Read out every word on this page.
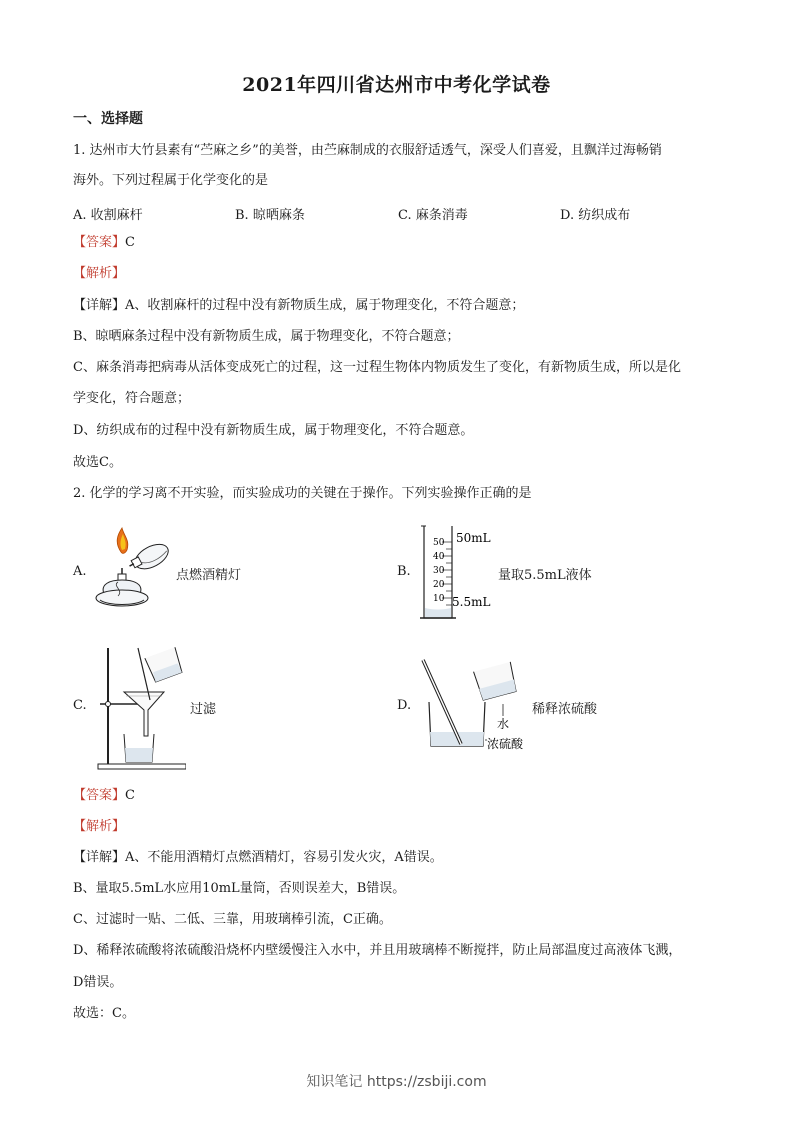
2021年四川省达州市中考化学试卷
一、选择题
1. 达州市大竹县素有“苎麻之乡”的美誉，由苎麻制成的衣服舒适透气，深受人们喜爱，且飘洋过海畅销
海外。下列过程属于化学变化的是
A. 收割麻杆	B. 晾晒麻条	C. 麻条消毒	D. 纺织成布
【答案】C
【解析】
【详解】A、收割麻杆的过程中没有新物质生成，属于物理变化，不符合题意；
B、晾晒麻条过程中没有新物质生成，属于物理变化，不符合题意；
C、麻条消毒把病毒从活体变成死亡的过程，这一过程生物体内物质发生了变化，有新物质生成，所以是化
学变化，符合题意；
D、纺织成布的过程中没有新物质生成，属于物理变化，不符合题意。
故选C。
2. 化学的学习离不开实验，而实验成功的关键在于操作。下列实验操作正确的是
A.	点燃酒精灯	B.
50
40
30
20
10
50mL
5.5mL
量取5.5mL液体
C.	过滤	D.
水
浓硫酸
稀释浓硫酸
【答案】C
【解析】
【详解】A、不能用酒精灯点燃酒精灯，容易引发火灾，A错误。
B、量取5.5mL水应用10mL量筒，否则误差大，B错误。
C、过滤时一贴、二低、三靠，用玻璃棒引流，C正确。
D、稀释浓硫酸将浓硫酸沿烧杯内壁缓慢注入水中，并且用玻璃棒不断搅拌，防止局部温度过高液体飞溅，
D错误。
故选：C。
知识笔记 https://zsbiji.com
